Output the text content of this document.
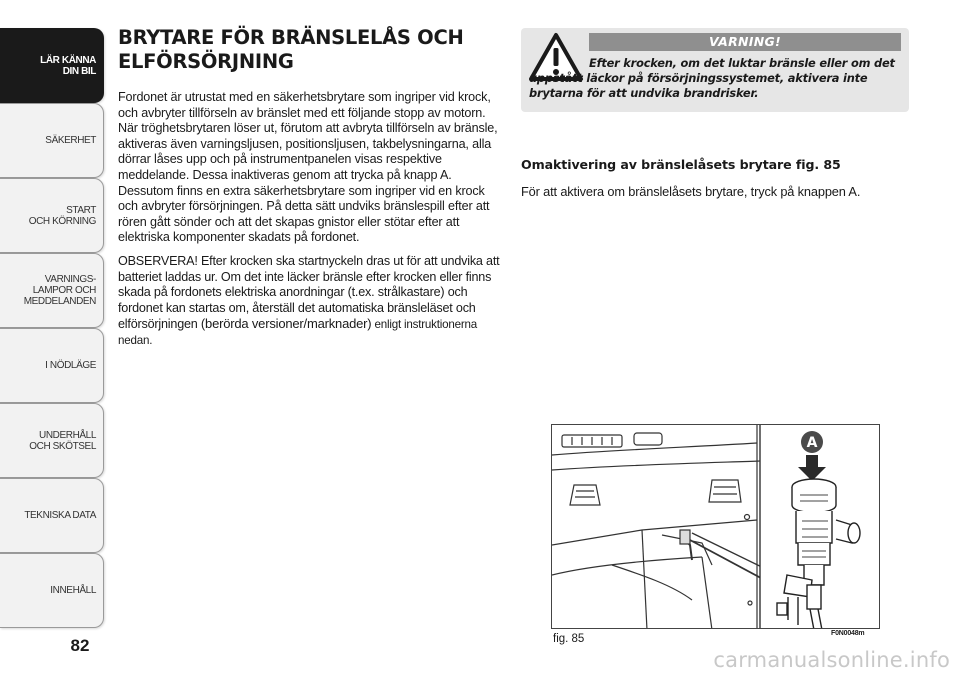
LÄR KÄNNA
DIN BIL
SÄKERHET
START
OCH KÖRNING
VARNINGS-
LAMPOR OCH
MEDDELANDEN
I NÖDLÄGE
UNDERHÅLL
OCH SKÖTSEL
TEKNISKA DATA
INNEHÅLL
82
BRYTARE FÖR BRÄNSLELÅS OCH
ELFÖRSÖRJNING

Fordonet är utrustat med en säkerhetsbrytare som ingriper vid krock, och avbryter tillförseln av bränslet med ett följande stopp av motorn. När tröghetsbrytaren löser ut, förutom att avbryta tillförseln av bränsle, aktiveras även varningsljusen, positionsljusen, takbelysningarna, alla dörrar låses upp och på instrumentpanelen visas respektive meddelande. Dessa inaktiveras genom att trycka på knapp A. Dessutom finns en extra säkerhetsbrytare som ingriper vid en krock och avbryter försörjningen. På detta sätt undviks bränslespill efter att rören gått sönder och att det skapas gnistor eller stötar efter att elektriska komponenter skadats på fordonet.

OBSERVERA! Efter krocken ska startnyckeln dras ut för att undvika att batteriet laddas ur. Om det inte läcker bränsle efter krocken eller finns skada på fordonets elektriska anordningar (t.ex. strålkastare) och fordonet kan startas om, återställ det automatiska bränsleläset och elförsörjningen (berörda versioner/marknader) enligt instruktionerna nedan.

VARNING!

Efter krocken, om det luktar bränsle eller om det uppstått läckor på försörjningssystemet, aktivera inte brytarna för att undvika brandrisker.

Omaktivering av bränslelåsets brytare fig. 85

För att aktivera om bränslelåsets brytare, tryck på knappen A.

A
fig. 85	F0N0048m
carmanualsonline.info
